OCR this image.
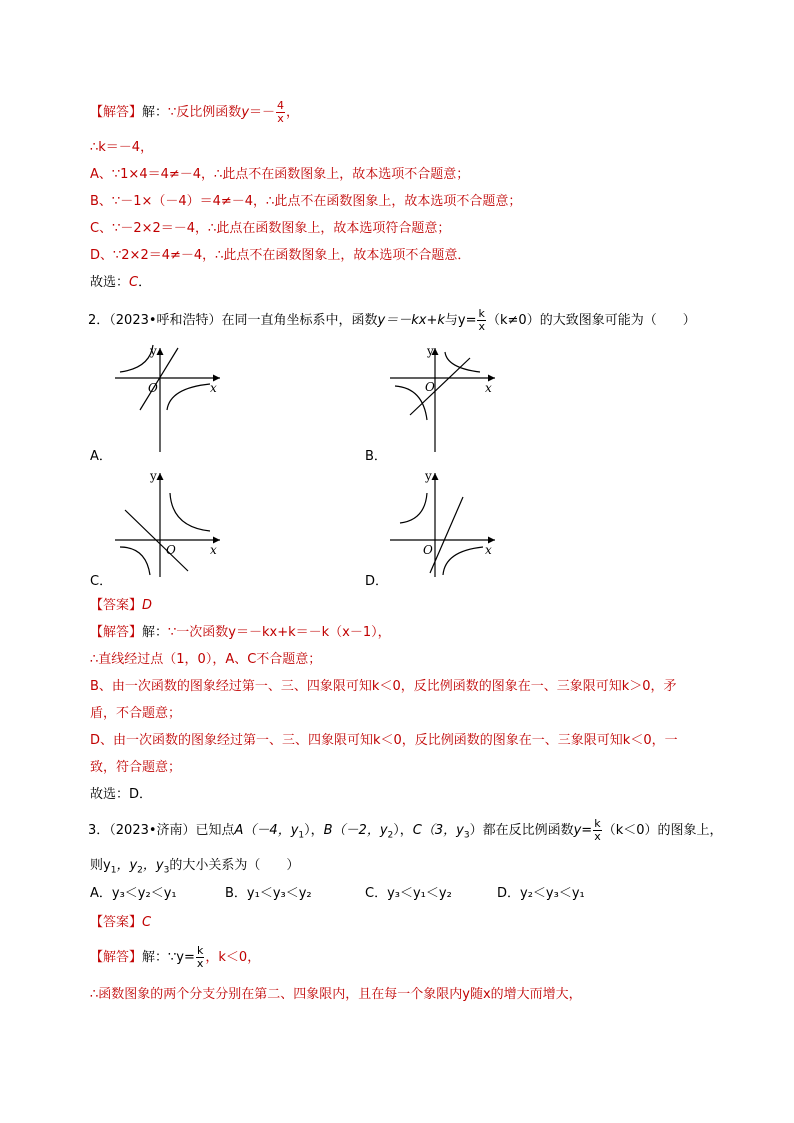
【解答】解：∵反比例函数$y=- \frac{4}{x}$ ，
∴k＝－4，
A、∵1×4＝4≠－4，∴此点不在函数图象上，故本选项不合题意；
B、∵－1×（－4）＝4≠－4，∴此点不在函数图象上，故本选项不合题意；
C、∵－2×2＝－4，∴此点在函数图象上，故本选项符合题意；
D、∵2×2＝4≠－4，∴此点不在函数图象上，故本选项不合题意．
故选：C．
2．（2023•呼和浩特）在同一直角坐标系中，函数y＝－kx+k与$y= \frac{k}{x} (k\ne 0)$的大致图象可能为（　　）
y
x
O
A．
y
x
O
B．
y
x
O
C．
y
x
O
D．
【答案】D
【解答】解：∵一次函数y＝－kx+k＝－k（x－1），
∴直线经过点（1，0），A、C不合题意；
B、由一次函数的图象经过第一、三、四象限可知k＜0，反比例函数的图象在一、三象限可知k＞0，矛
盾，不合题意；
D、由一次函数的图象经过第一、三、四象限可知k＜0，反比例函数的图象在一、三象限可知k＜0，一
致，符合题意；
故选：D．
3．（2023•济南）已知点A（－4，$y_1$），B（－2，$y_2$），C（3，$y_3$）都在反比例函数$y= \frac{k}{x} (k<0)$的图象上，
则$y_1$，$y_2$，$y_3$的大小关系为（　　）
A．y₃＜y₂＜y₁	B．y₁＜y₃＜y₂	C．y₃＜y₁＜y₂	D．y₂＜y₃＜y₁
【答案】C
【解答】解：∵y= $\frac{k}{x}$ ，k＜0，
∴函数图象的两个分支分别在第二、四象限内，且在每一个象限内y随x的增大而增大，
